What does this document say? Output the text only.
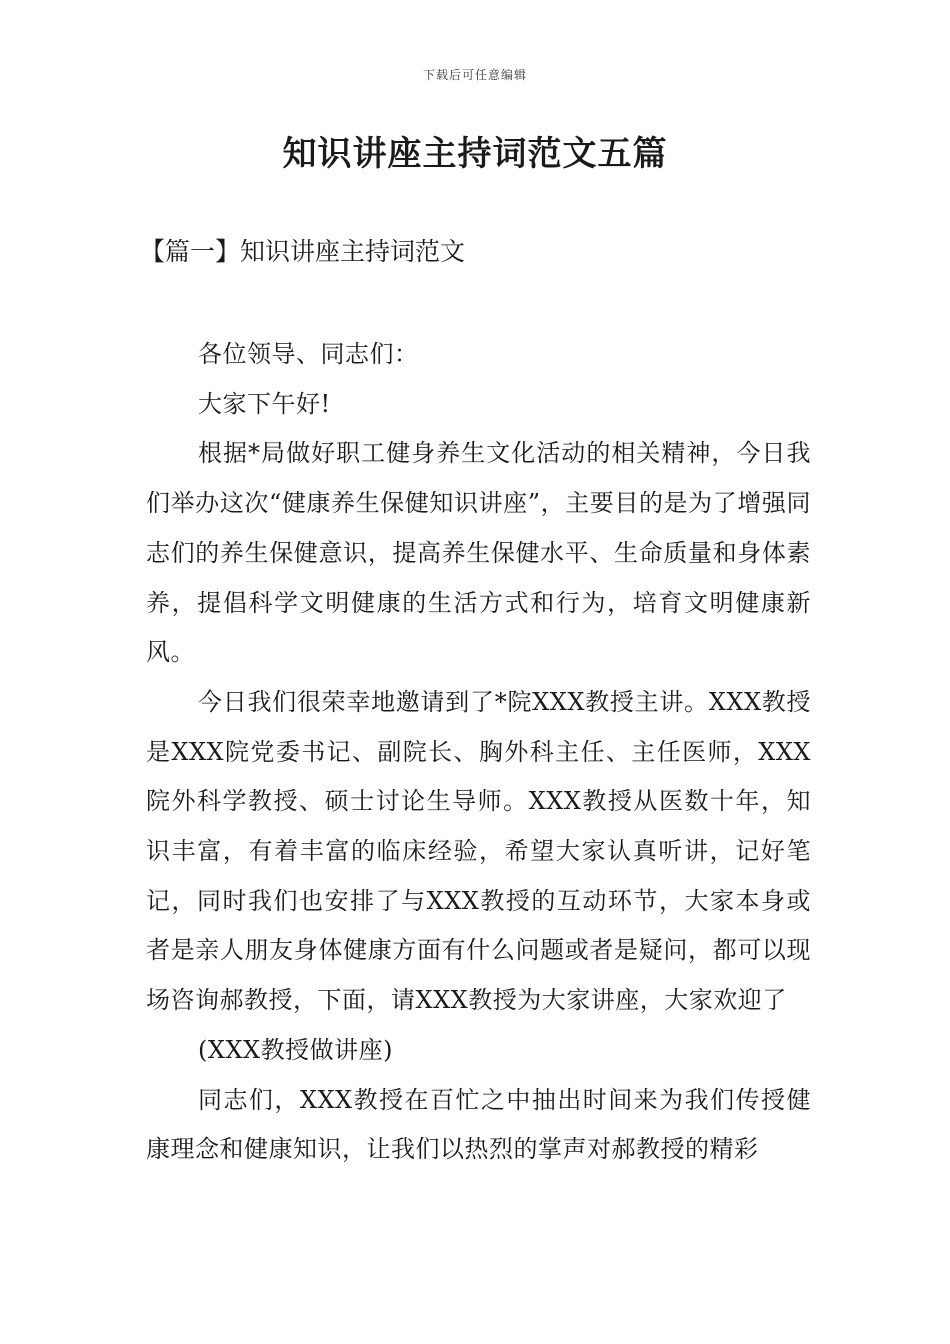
下载后可任意编辑
知识讲座主持词范文五篇
【篇一】知识讲座主持词范文

各位领导、同志们：

大家下午好!

根据*局做好职工健身养生文化活动的相关精神，今日我们举办这次“健康养生保健知识讲座”，主要目的是为了增强同志们的养生保健意识，提高养生保健水平、生命质量和身体素养，提倡科学文明健康的生活方式和行为，培育文明健康新风。

今日我们很荣幸地邀请到了*院XXX教授主讲。XXX教授是XXX院党委书记、副院长、胸外科主任、主任医师，XXX院外科学教授、硕士讨论生导师。XXX教授从医数十年，知识丰富，有着丰富的临床经验，希望大家认真听讲，记好笔记，同时我们也安排了与XXX教授的互动环节，大家本身或者是亲人朋友身体健康方面有什么问题或者是疑问，都可以现场咨询郝教授，下面，请XXX教授为大家讲座，大家欢迎了

(XXX教授做讲座)

同志们，XXX教授在百忙之中抽出时间来为我们传授健康理念和健康知识，让我们以热烈的掌声对郝教授的精彩
